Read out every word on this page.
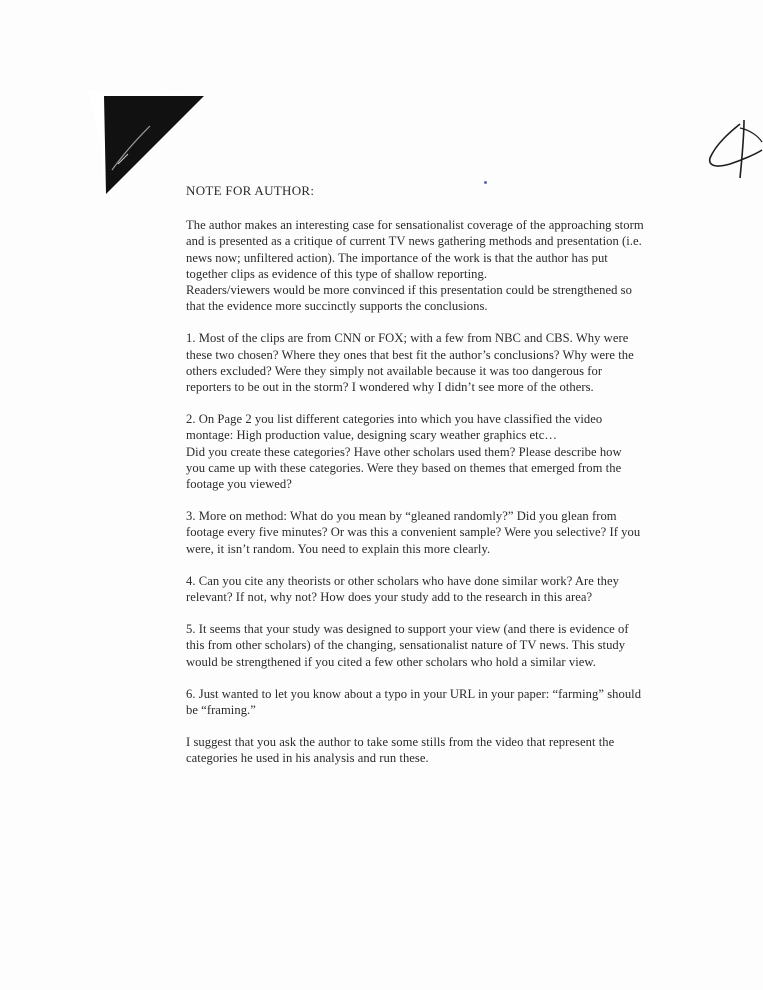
NOTE FOR AUTHOR:
The author makes an interesting case for sensationalist coverage of the approaching storm
and is presented as a critique of current TV news gathering methods and presentation (i.e.
news now; unfiltered action). The importance of the work is that the author has put
together clips as evidence of this type of shallow reporting.
Readers/viewers would be more convinced if this presentation could be strengthened so
that the evidence more succinctly supports the conclusions.
1. Most of the clips are from CNN or FOX; with a few from NBC and CBS. Why were
these two chosen? Where they ones that best fit the author’s conclusions? Why were the
others excluded? Were they simply not available because it was too dangerous for
reporters to be out in the storm? I wondered why I didn’t see more of the others.
2. On Page 2 you list different categories into which you have classified the video
montage: High production value, designing scary weather graphics etc…
Did you create these categories? Have other scholars used them? Please describe how
you came up with these categories. Were they based on themes that emerged from the
footage you viewed?
3. More on method: What do you mean by “gleaned randomly?” Did you glean from
footage every five minutes? Or was this a convenient sample? Were you selective? If you
were, it isn’t random. You need to explain this more clearly.
4. Can you cite any theorists or other scholars who have done similar work? Are they
relevant? If not, why not? How does your study add to the research in this area?
5. It seems that your study was designed to support your view (and there is evidence of
this from other scholars) of the changing, sensationalist nature of TV news. This study
would be strengthened if you cited a few other scholars who hold a similar view.
6. Just wanted to let you know about a typo in your URL in your paper: “farming” should
be “framing.”
I suggest that you ask the author to take some stills from the video that represent the
categories he used in his analysis and run these.
